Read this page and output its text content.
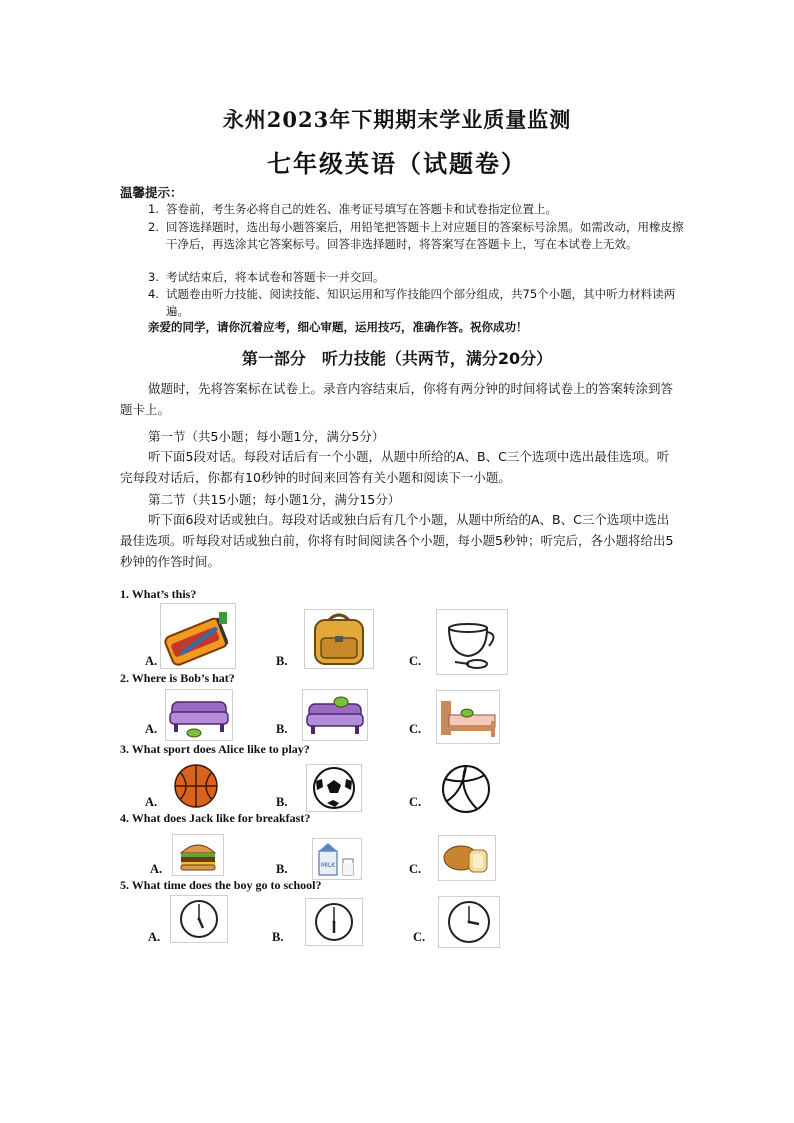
永州2023年下期期末学业质量监测
七年级英语（试题卷）
温馨提示：
1. 答卷前，考生务必将自己的姓名、准考证号填写在答题卡和试卷指定位置上。
2. 回答选择题时，选出每小题答案后，用铅笔把答题卡上对应题目的答案标号涂黑。如需改动，用橡皮擦干净后，再选涂其它答案标号。回答非选择题时，将答案写在答题卡上，写在本试卷上无效。
3. 考试结束后，将本试卷和答题卡一并交回。
4. 试题卷由听力技能、阅读技能、知识运用和写作技能四个部分组成，共75个小题，其中听力材料读两遍。
亲爱的同学，请你沉着应考，细心审题，运用技巧，准确作答。祝你成功！
第一部分　听力技能（共两节，满分20分）
做题时，先将答案标在试卷上。录音内容结束后，你将有两分钟的时间将试卷上的答案转涂到答题卡上。
第一节（共5小题；每小题1分，满分5分）
听下面5段对话。每段对话后有一个小题，从题中所给的A、B、C三个选项中选出最佳选项。听完每段对话后，你都有10秒钟的时间来回答有关小题和阅读下一小题。
第二节（共15小题；每小题1分，满分15分）
听下面6段对话或独白。每段对话或独白后有几个小题，从题中所给的A、B、C三个选项中选出最佳选项。听每段对话或独白前，你将有时间阅读各个小题，每小题5秒钟；听完后，各小题将给出5秒钟的作答时间。
1. What’s this?
A.	B.	C.
2. Where is Bob’s hat?
A.	B.	C.
3. What sport does Alice like to play?
A.	B.	C.
4. What does Jack like for breakfast?
A.	B.	MILK	C.
5. What time does the boy go to school?
A.	B.	C.
